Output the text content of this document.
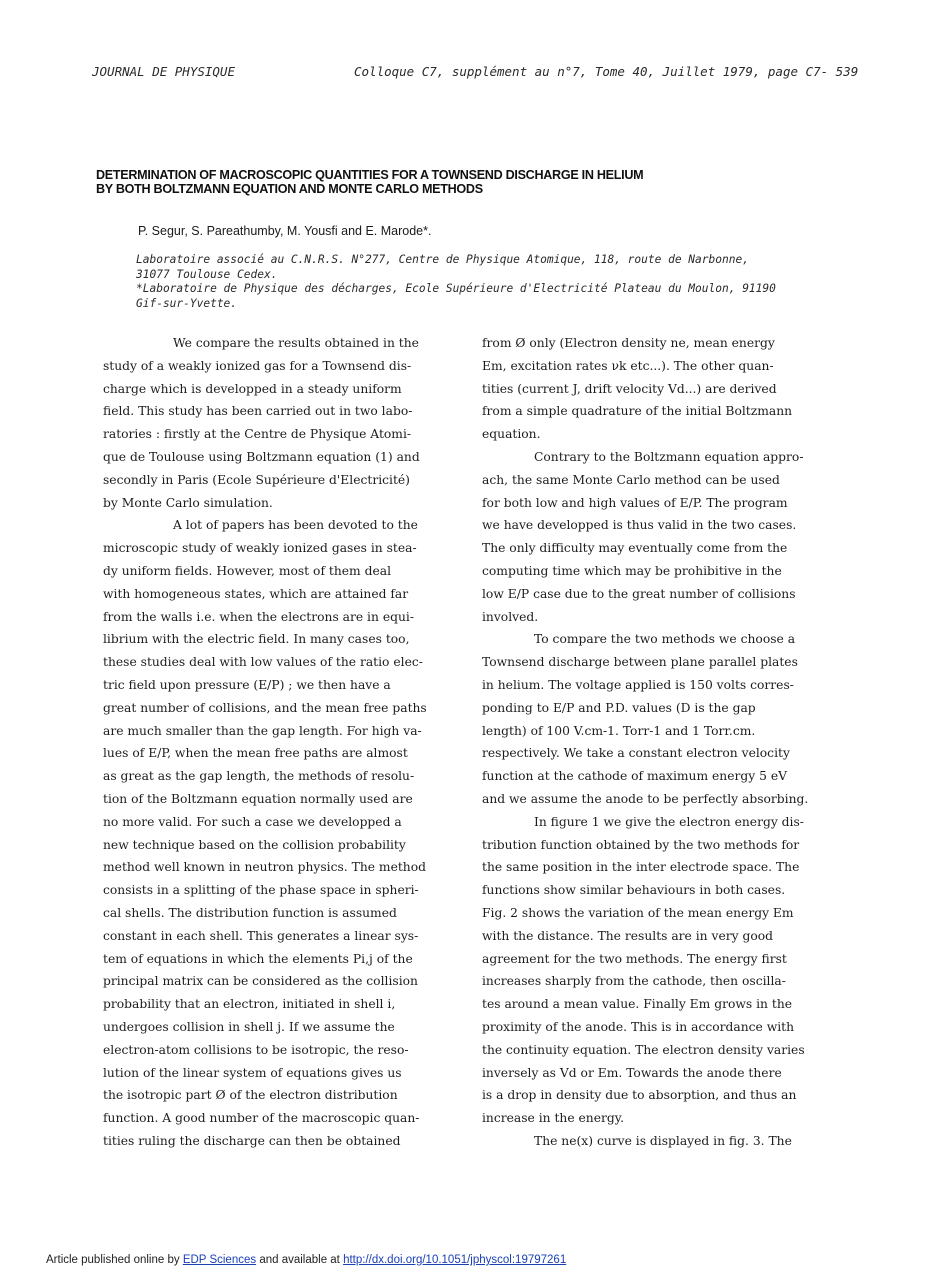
JOURNAL DE PHYSIQUE	Colloque C7, supplément au n°7, Tome 40, Juillet 1979, page C7- 539
DETERMINATION OF MACROSCOPIC QUANTITIES FOR A TOWNSEND DISCHARGE IN HELIUM
BY BOTH BOLTZMANN EQUATION AND MONTE CARLO METHODS
P. Segur, S. Pareathumby, M. Yousfi and E. Marode*.
Laboratoire associé au C.N.R.S. N°277, Centre de Physique Atomique, 118, route de Narbonne,
31077 Toulouse Cedex.
*Laboratoire de Physique des décharges, Ecole Supérieure d'Electricité Plateau du Moulon, 91190
Gif-sur-Yvette.
We compare the results obtained in the
study of a weakly ionized gas for a Townsend dis-
charge which is developped in a steady uniform
field. This study has been carried out in two labo-
ratories : firstly at the Centre de Physique Atomi-
que de Toulouse using Boltzmann equation (1) and
secondly in Paris (Ecole Supérieure d'Electricité)
by Monte Carlo simulation.
A lot of papers has been devoted to the
microscopic study of weakly ionized gases in stea-
dy uniform fields. However, most of them deal
with homogeneous states, which are attained far
from the walls i.e. when the electrons are in equi-
librium with the electric field. In many cases too,
these studies deal with low values of the ratio elec-
tric field upon pressure (E/P) ; we then have a
great number of collisions, and the mean free paths
are much smaller than the gap length. For high va-
lues of E/P, when the mean free paths are almost
as great as the gap length, the methods of resolu-
tion of the Boltzmann equation normally used are
no more valid. For such a case we developped a
new technique based on the collision probability
method well known in neutron physics. The method
consists in a splitting of the phase space in spheri-
cal shells. The distribution function is assumed
constant in each shell. This generates a linear sys-
tem of equations in which the elements Pi,j of the
principal matrix can be considered as the collision
probability that an electron, initiated in shell i,
undergoes collision in shell j. If we assume the
electron-atom collisions to be isotropic, the reso-
lution of the linear system of equations gives us
the isotropic part Ø of the electron distribution
function. A good number of the macroscopic quan-
tities ruling the discharge can then be obtained
from Ø only (Electron density ne, mean energy
Em, excitation rates νk etc...). The other quan-
tities (current J, drift velocity Vd...) are derived
from a simple quadrature of the initial Boltzmann
equation.
Contrary to the Boltzmann equation appro-
ach, the same Monte Carlo method can be used
for both low and high values of E/P. The program
we have developped is thus valid in the two cases.
The only difficulty may eventually come from the
computing time which may be prohibitive in the
low E/P case due to the great number of collisions
involved.
To compare the two methods we choose a
Townsend discharge between plane parallel plates
in helium. The voltage applied is 150 volts corres-
ponding to E/P and P.D. values (D is the gap
length) of 100 V.cm-1. Torr-1 and 1 Torr.cm.
respectively. We take a constant electron velocity
function at the cathode of maximum energy 5 eV
and we assume the anode to be perfectly absorbing.
In figure 1 we give the electron energy dis-
tribution function obtained by the two methods for
the same position in the inter electrode space. The
functions show similar behaviours in both cases.
Fig. 2 shows the variation of the mean energy Em
with the distance. The results are in very good
agreement for the two methods. The energy first
increases sharply from the cathode, then oscilla-
tes around a mean value. Finally Em grows in the
proximity of the anode. This is in accordance with
the continuity equation. The electron density varies
inversely as Vd or Em. Towards the anode there
is a drop in density due to absorption, and thus an
increase in the energy.
The ne(x) curve is displayed in fig. 3. The
Article published online by EDP Sciences and available at http://dx.doi.org/10.1051/jphyscol:19797261
